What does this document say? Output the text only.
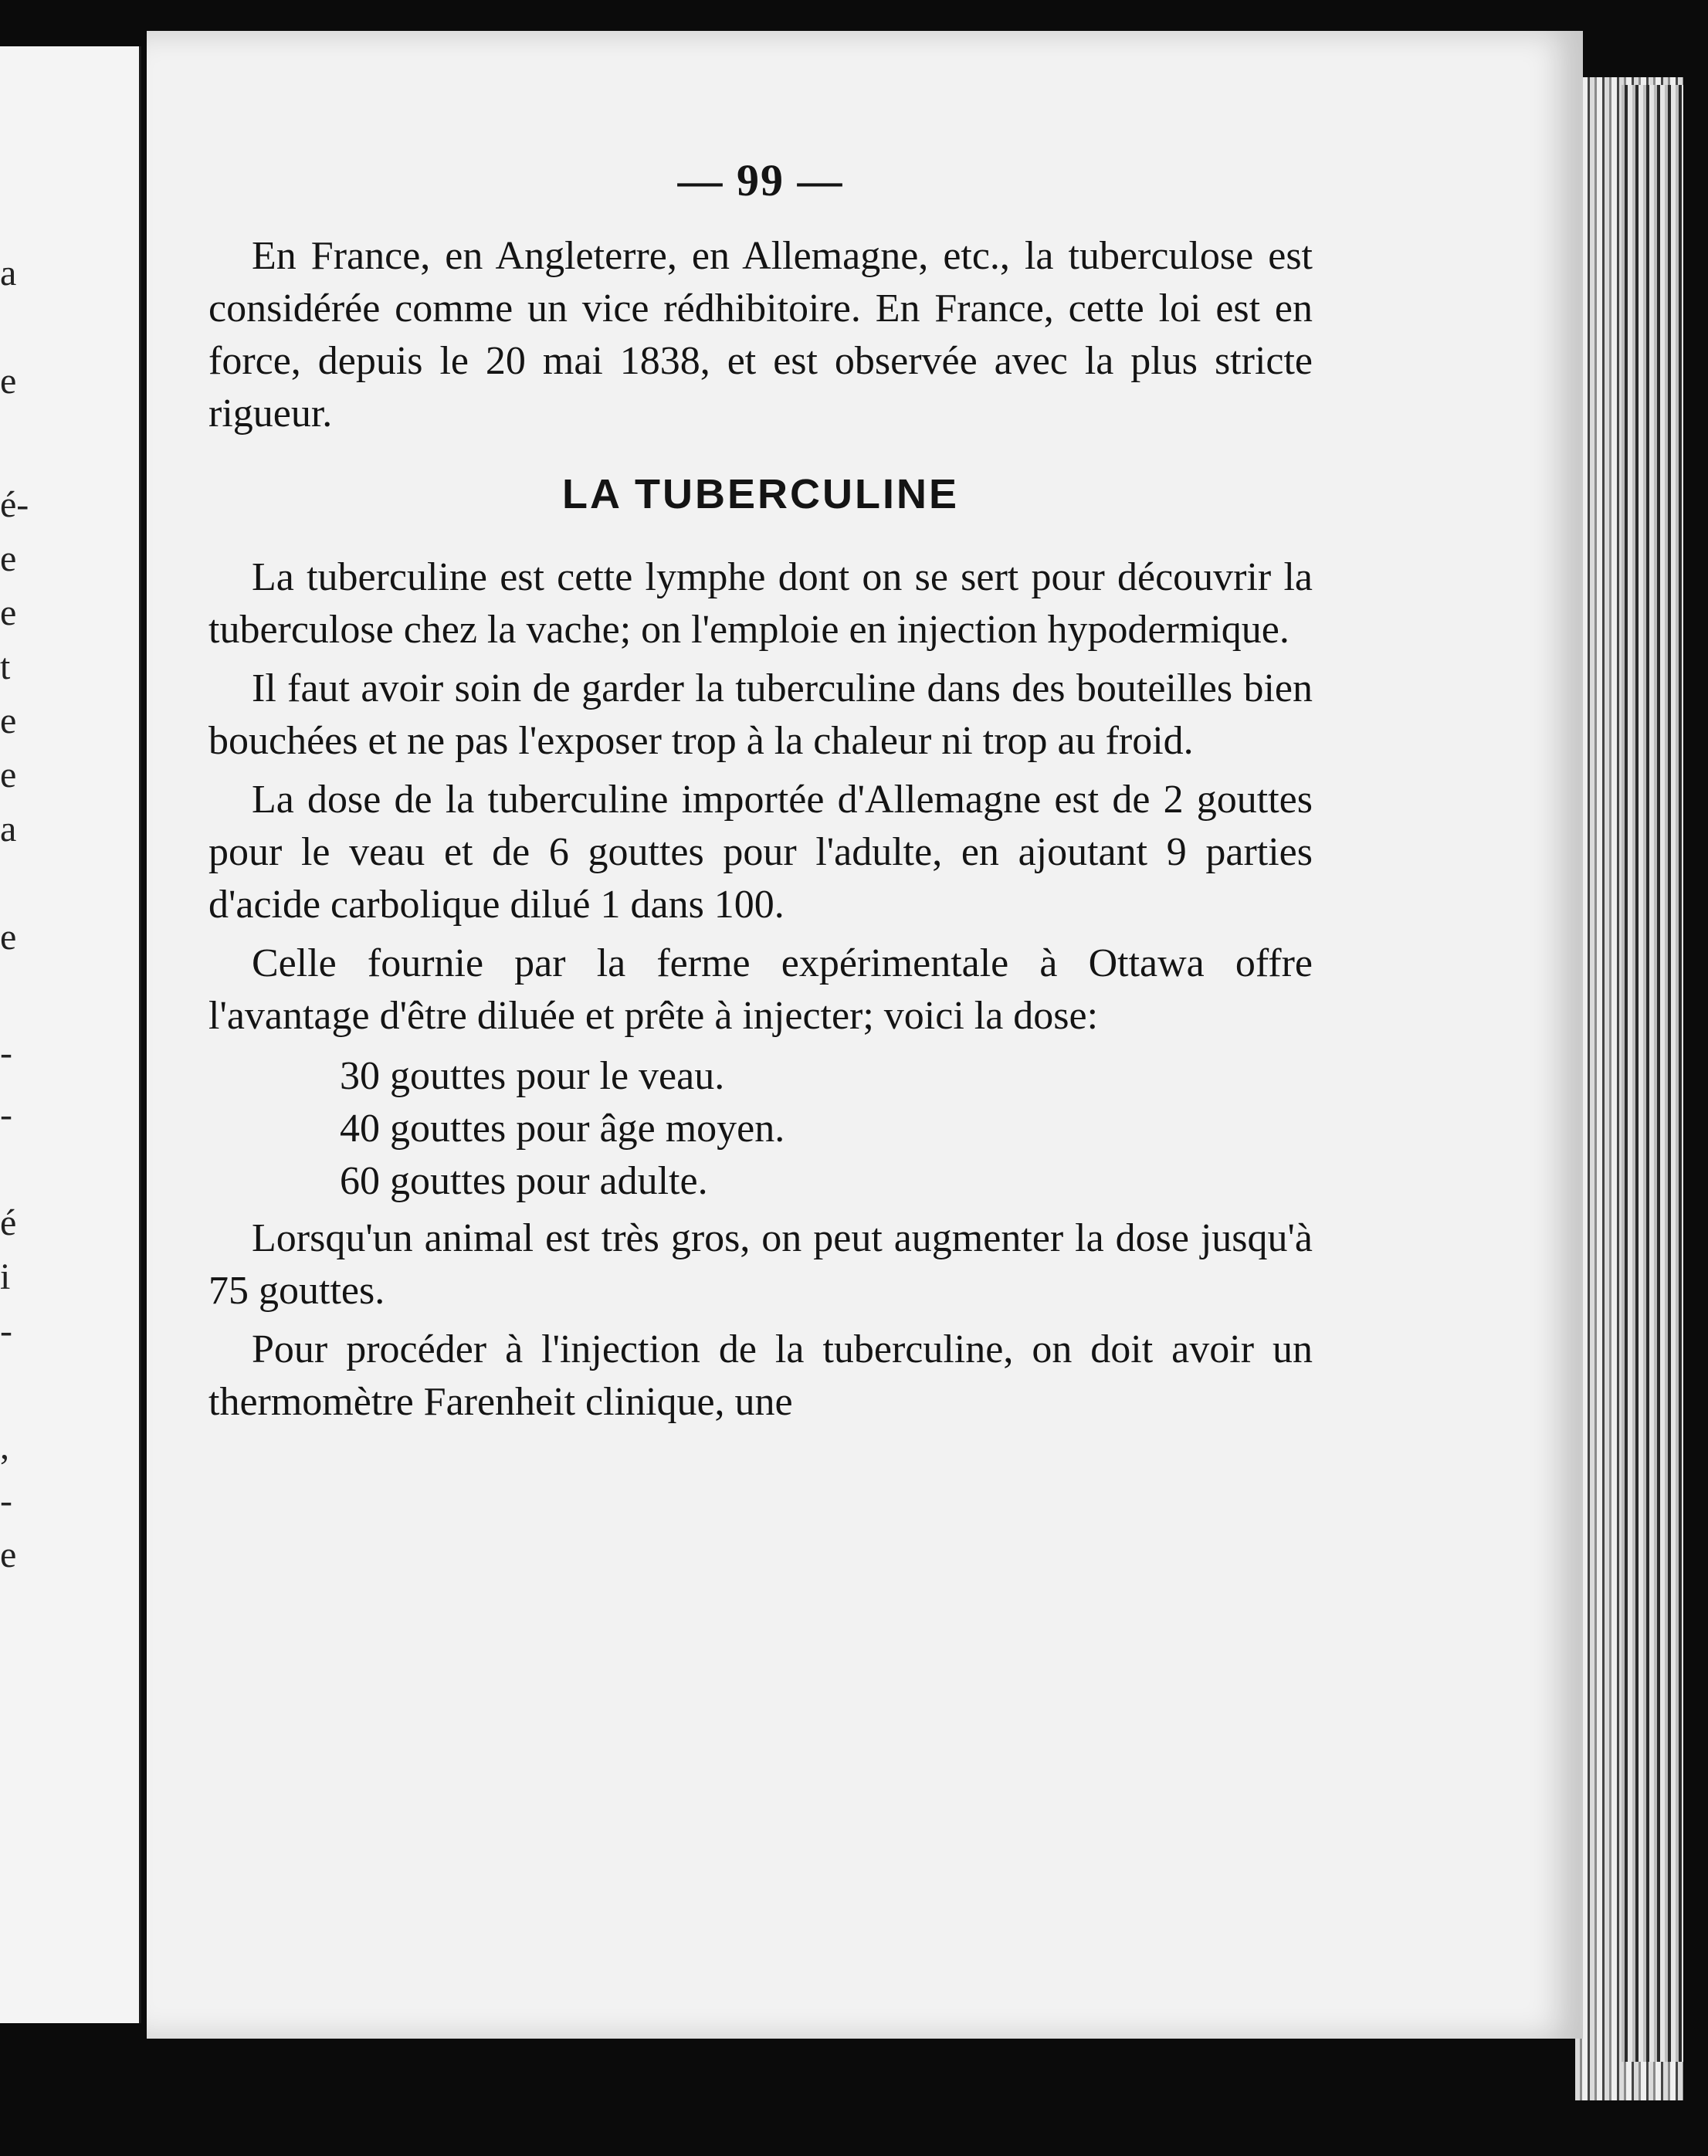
a
e
é-
e
e
t
e
e
a
e
-
-
é
i
-
,
-
e
— 99 —

En France, en Angleterre, en Allemagne, etc., la tuberculose est considérée comme un vice rédhibitoire. En France, cette loi est en force, depuis le 20 mai 1838, et est observée avec la plus stricte rigueur.

LA TUBERCULINE

La tuberculine est cette lymphe dont on se sert pour découvrir la tuberculose chez la vache; on l'emploie en injection hypodermique.

Il faut avoir soin de garder la tuberculine dans des bouteilles bien bouchées et ne pas l'exposer trop à la chaleur ni trop au froid.

La dose de la tuberculine importée d'Allemagne est de 2 gouttes pour le veau et de 6 gouttes pour l'adulte, en ajoutant 9 parties d'acide carbolique dilué 1 dans 100.

Celle fournie par la ferme expérimentale à Ottawa offre l'avantage d'être diluée et prête à injecter; voici la dose:

30 gouttes pour le veau.
40 gouttes pour âge moyen.
60 gouttes pour adulte.

Lorsqu'un animal est très gros, on peut augmenter la dose jusqu'à 75 gouttes.

Pour procéder à l'injection de la tuberculine, on doit avoir un thermomètre Farenheit clinique, une
